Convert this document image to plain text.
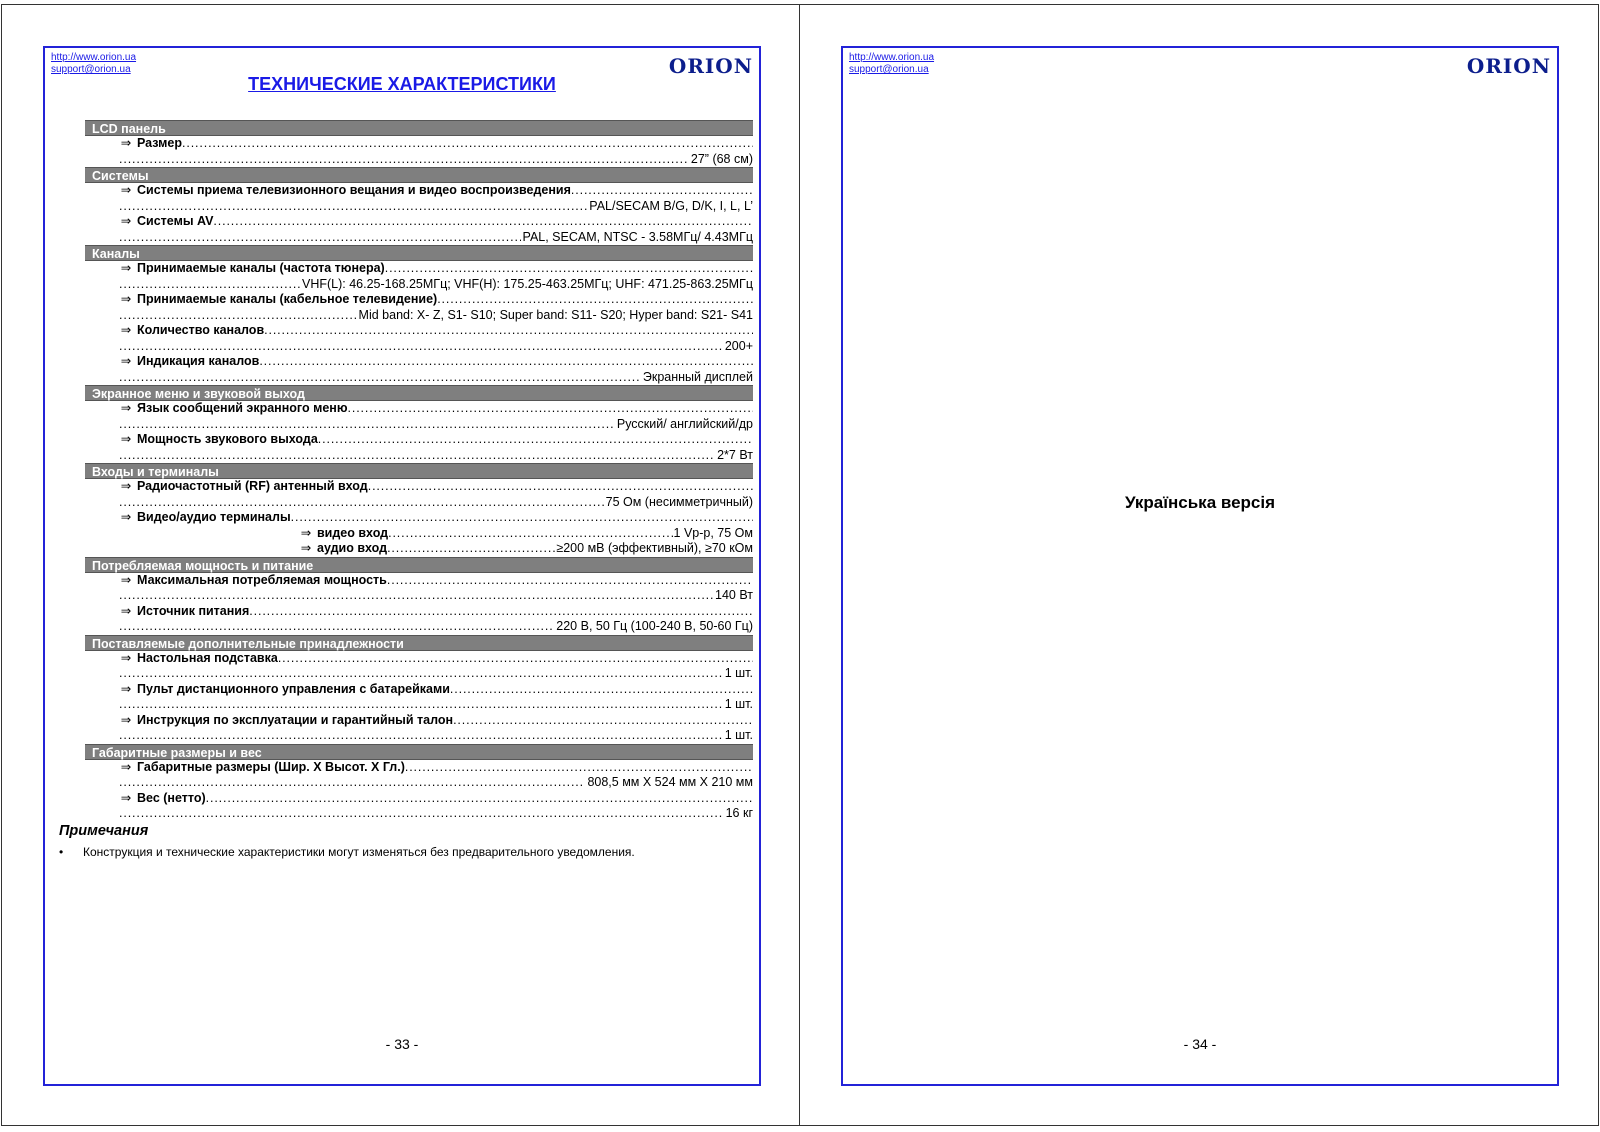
http://www.orion.ua
support@orion.ua	ORION
ТЕХНИЧЕСКИЕ ХАРАКТЕРИСТИКИ
LCD панель
⇒ Размер
. . .
. . .
27” (68 см)
Системы
⇒ Системы приема телевизионного вещания и видео воспроизведения
. . .
. . .
PAL/SECAM B/G, D/K, I, L, L’
⇒ Системы AV
. . .
. . .
PAL, SECAM, NTSC - 3.58МГц/ 4.43МГц
Каналы
⇒ Принимаемые каналы (частота тюнера)
. . .
. . .
VHF(L): 46.25-168.25МГц; VHF(H): 175.25-463.25МГц; UHF: 471.25-863.25МГц
⇒ Принимаемые каналы (кабельное телевидение)
. . .
. . .
Mid band: X- Z, S1- S10; Super band: S11- S20; Hyper band: S21- S41
⇒ Количество каналов
. . .
. . .
200+
⇒ Индикация каналов
. . .
. . .
Экранный дисплей
Экранное меню и звуковой выход
⇒ Язык сообщений экранного меню
. . .
. . .
Русский/ английский/др
⇒ Мощность звукового выхода
. . .
. . .
2*7 Вт
Входы и терминалы
⇒ Радиочастотный (RF) антенный вход
. . .
. . .
75 Ом (несимметричный)
⇒ Видео/аудио терминалы
. . .
⇒ видео вход . . .	1 Vp-p, 75 Ом
⇒ аудио вход . . .	≥200 мВ (эффективный), ≥70 кОм
Потребляемая мощность и питание
⇒ Максимальная потребляемая мощность
. . .
. . .
140 Вт
⇒ Источник питания
. . .
. . .
220 В, 50 Гц (100-240 В, 50-60 Гц)
Поставляемые дополнительные принадлежности
⇒ Настольная подставка
. . .
. . .
1 шт.
⇒ Пульт дистанционного управления с батарейками
. . .
. . .
1 шт.
⇒ Инструкция по эксплуатации и гарантийный талон
. . .
. . .
1 шт.
Габаритные размеры и вес
⇒ Габаритные размеры (Шир. X Высот. X Гл.)
. . .
. . .
808,5 мм X 524 мм X 210 мм
⇒ Вес (нетто)
. . .
. . .
16 кг
Примечания
•	Конструкция и технические характеристики могут изменяться без предварительного уведомления.
- 33 -
http://www.orion.ua
support@orion.ua	ORION
Українська версія
- 34 -
